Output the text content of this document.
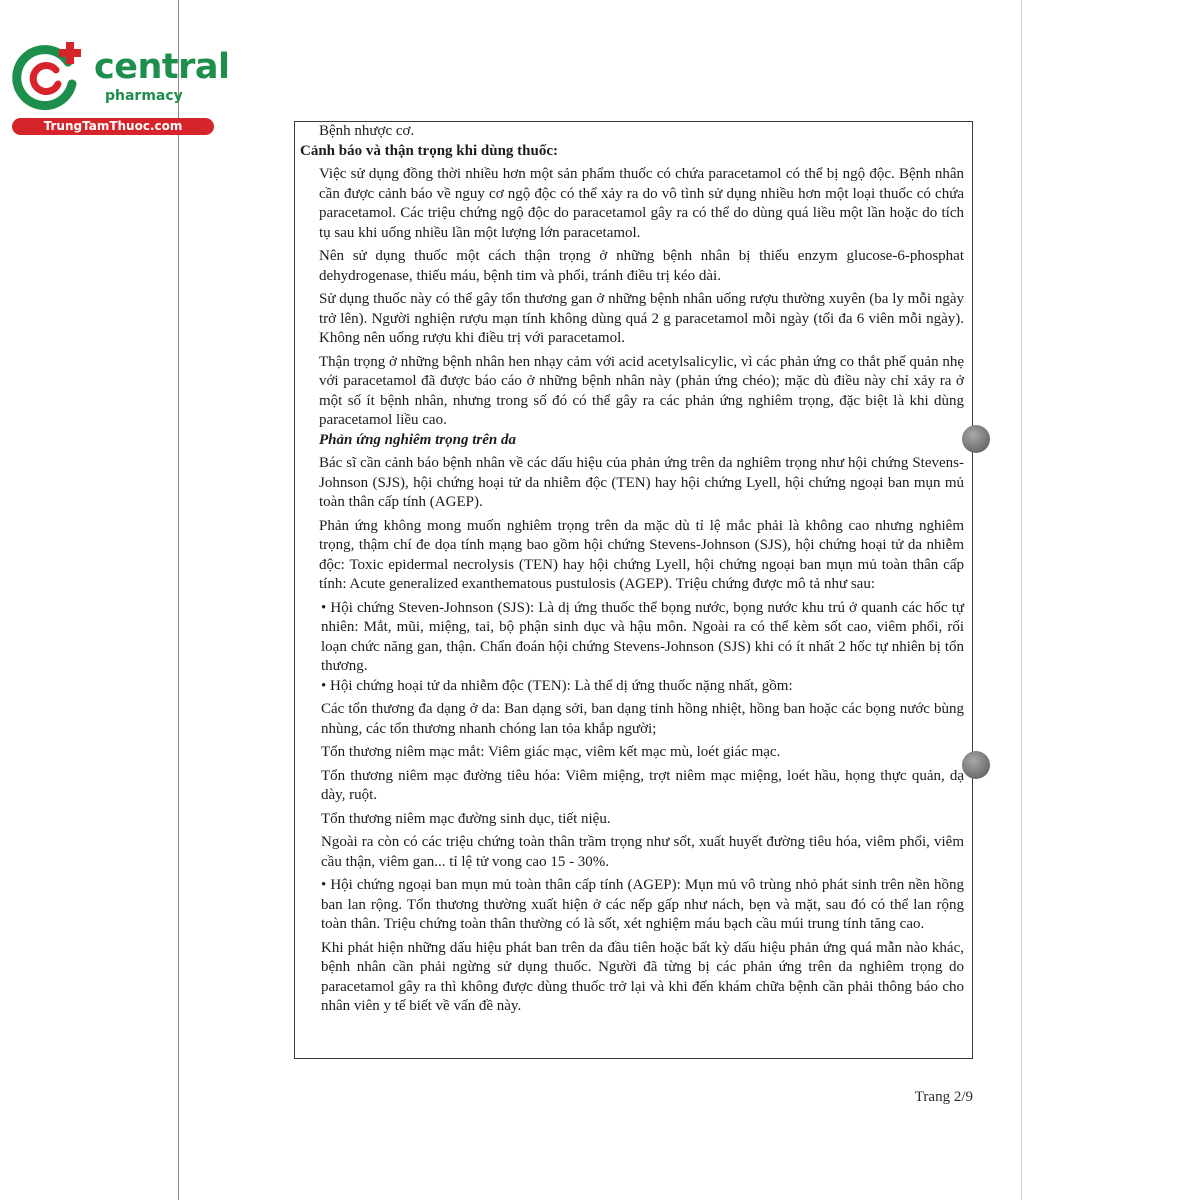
central
pharmacy
TrungTamThuoc.com	Bệnh nhược cơ.

Cảnh báo và thận trọng khi dùng thuốc:

Việc sử dụng đồng thời nhiều hơn một sản phẩm thuốc có chứa paracetamol có thể bị ngộ độc. Bệnh nhân cần được cảnh báo về nguy cơ ngộ độc có thể xảy ra do vô tình sử dụng nhiều hơn một loại thuốc có chứa paracetamol. Các triệu chứng ngộ độc do paracetamol gây ra có thể do dùng quá liều một lần hoặc do tích tụ sau khi uống nhiều lần một lượng lớn paracetamol.

Nên sử dụng thuốc một cách thận trọng ở những bệnh nhân bị thiếu enzym glucose-6-phosphat dehydrogenase, thiếu máu, bệnh tim và phổi, tránh điều trị kéo dài.

Sử dụng thuốc này có thể gây tổn thương gan ở những bệnh nhân uống rượu thường xuyên (ba ly mỗi ngày trở lên). Người nghiện rượu mạn tính không dùng quá 2 g paracetamol mỗi ngày (tối đa 6 viên mỗi ngày). Không nên uống rượu khi điều trị với paracetamol.

Thận trọng ở những bệnh nhân hen nhạy cảm với acid acetylsalicylic, vì các phản ứng co thắt phế quản nhẹ với paracetamol đã được báo cáo ở những bệnh nhân này (phản ứng chéo); mặc dù điều này chỉ xảy ra ở một số ít bệnh nhân, nhưng trong số đó có thể gây ra các phản ứng nghiêm trọng, đặc biệt là khi dùng paracetamol liều cao.

Phản ứng nghiêm trọng trên da

Bác sĩ cần cảnh báo bệnh nhân về các dấu hiệu của phản ứng trên da nghiêm trọng như hội chứng Stevens-Johnson (SJS), hội chứng hoại tử da nhiễm độc (TEN) hay hội chứng Lyell, hội chứng ngoại ban mụn mủ toàn thân cấp tính (AGEP).

Phản ứng không mong muốn nghiêm trọng trên da mặc dù tỉ lệ mắc phải là không cao nhưng nghiêm trọng, thậm chí đe dọa tính mạng bao gồm hội chứng Stevens-Johnson (SJS), hội chứng hoại tử da nhiễm độc: Toxic epidermal necrolysis (TEN) hay hội chứng Lyell, hội chứng ngoại ban mụn mủ toàn thân cấp tính: Acute generalized exanthematous pustulosis (AGEP). Triệu chứng được mô tả như sau:

• Hội chứng Steven-Johnson (SJS): Là dị ứng thuốc thể bọng nước, bọng nước khu trú ở quanh các hốc tự nhiên: Mắt, mũi, miệng, tai, bộ phận sinh dục và hậu môn. Ngoài ra có thể kèm sốt cao, viêm phổi, rối loạn chức năng gan, thận. Chẩn đoán hội chứng Stevens-Johnson (SJS) khi có ít nhất 2 hốc tự nhiên bị tổn thương.

• Hội chứng hoại tử da nhiễm độc (TEN): Là thể dị ứng thuốc nặng nhất, gồm:

Các tổn thương đa dạng ở da: Ban dạng sởi, ban dạng tinh hồng nhiệt, hồng ban hoặc các bọng nước bùng nhùng, các tổn thương nhanh chóng lan tỏa khắp người;

Tổn thương niêm mạc mắt: Viêm giác mạc, viêm kết mạc mù, loét giác mạc.

Tổn thương niêm mạc đường tiêu hóa: Viêm miệng, trợt niêm mạc miệng, loét hầu, họng thực quản, dạ dày, ruột.

Tổn thương niêm mạc đường sinh dục, tiết niệu.

Ngoài ra còn có các triệu chứng toàn thân trầm trọng như sốt, xuất huyết đường tiêu hóa, viêm phổi, viêm cầu thận, viêm gan... tỉ lệ tử vong cao 15 - 30%.

• Hội chứng ngoại ban mụn mủ toàn thân cấp tính (AGEP): Mụn mủ vô trùng nhỏ phát sinh trên nền hồng ban lan rộng. Tổn thương thường xuất hiện ở các nếp gấp như nách, bẹn và mặt, sau đó có thể lan rộng toàn thân. Triệu chứng toàn thân thường có là sốt, xét nghiệm máu bạch cầu múi trung tính tăng cao.

Khi phát hiện những dấu hiệu phát ban trên da đầu tiên hoặc bất kỳ dấu hiệu phản ứng quá mẫn nào khác, bệnh nhân cần phải ngừng sử dụng thuốc. Người đã từng bị các phản ứng trên da nghiêm trọng do paracetamol gây ra thì không được dùng thuốc trở lại và khi đến khám chữa bệnh cần phải thông báo cho nhân viên y tế biết về vấn đề này.

Trang 2/9
